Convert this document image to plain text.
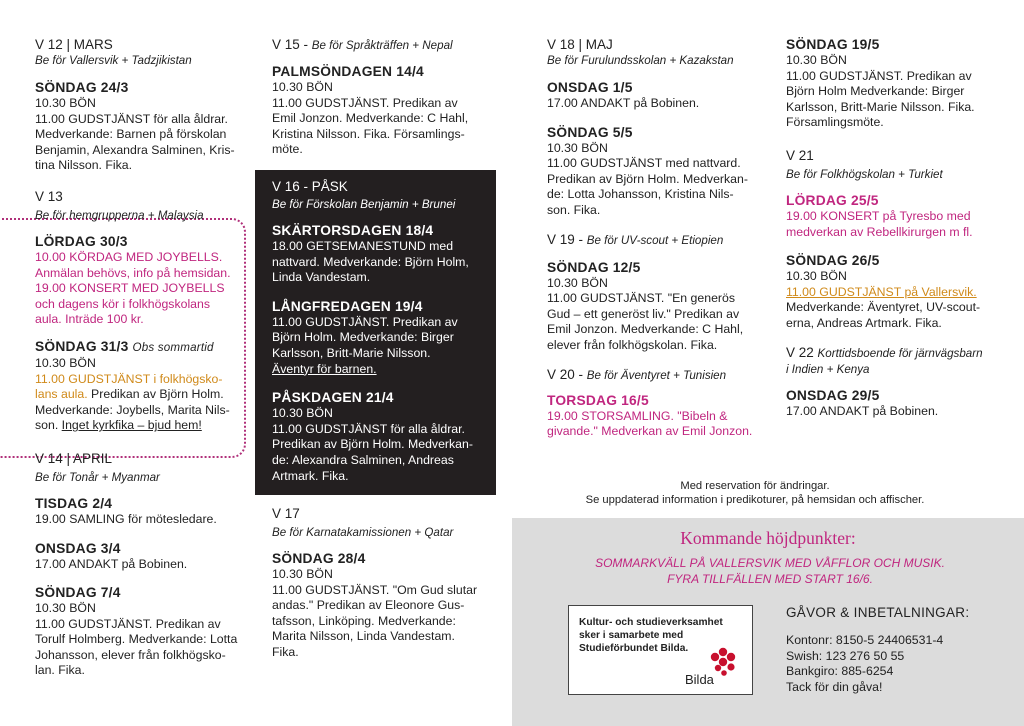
V 12 | MARS

Be för Vallersvik + Tadzjikistan

SÖNDAG 24/3

10.30 BÖN

11.00 GUDSTJÄNST för alla åldrar.

Medverkande: Barnen på förskolan

Benjamin, Alexandra Salminen, Kris-

tina Nilsson. Fika.

V 13

Be för hemgrupperna + Malaysia

LÖRDAG 30/3

10.00 KÖRDAG MED JOYBELLS.

Anmälan behövs, info på hemsidan.

19.00 KONSERT MED JOYBELLS

och dagens kör i folkhögskolans

aula. Inträde 100 kr.

SÖNDAG 31/3 Obs sommartid

10.30 BÖN

11.00 GUDSTJÄNST i folkhögsko-

lans aula. Predikan av Björn Holm.

Medverkande: Joybells, Marita Nils-

son. Inget kyrkfika – bjud hem!

V 14 | APRIL

Be för Tonår + Myanmar

TISDAG 2/4

19.00 SAMLING för mötesledare.

ONSDAG 3/4

17.00 ANDAKT på Bobinen.

SÖNDAG 7/4

10.30 BÖN

11.00 GUDSTJÄNST. Predikan av

Torulf Holmberg. Medverkande: Lotta

Johansson, elever från folkhögsko-

lan. Fika.

V 15 - Be för Språkträffen + Nepal

PALMSÖNDAGEN 14/4

10.30 BÖN

11.00 GUDSTJÄNST. Predikan av

Emil Jonzon. Medverkande: C Hahl,

Kristina Nilsson. Fika. Församlings-

möte.

V 16 - PÅSK

Be för Förskolan Benjamin + Brunei

SKÄRTORSDAGEN 18/4

18.00 GETSEMANESTUND med

nattvard. Medverkande: Björn Holm,

Linda Vandestam.

LÅNGFREDAGEN 19/4

11.00 GUDSTJÄNST. Predikan av

Björn Holm. Medverkande: Birger

Karlsson, Britt-Marie Nilsson.

Äventyr för barnen.

PÅSKDAGEN 21/4

10.30 BÖN

11.00 GUDSTJÄNST för alla åldrar.

Predikan av Björn Holm. Medverkan-

de: Alexandra Salminen, Andreas

Artmark. Fika.

V 17

Be för Karnatakamissionen + Qatar

SÖNDAG 28/4

10.30 BÖN

11.00 GUDSTJÄNST. "Om Gud slutar

andas." Predikan av Eleonore Gus-

tafsson, Linköping. Medverkande:

Marita Nilsson, Linda Vandestam.

Fika.

V 18 | MAJ

Be för Furulundsskolan + Kazakstan

ONSDAG 1/5

17.00 ANDAKT på Bobinen.

SÖNDAG 5/5

10.30 BÖN

11.00 GUDSTJÄNST med nattvard.

Predikan av Björn Holm. Medverkan-

de: Lotta Johansson, Kristina Nils-

son. Fika.

V 19 - Be för UV-scout + Etiopien

SÖNDAG 12/5

10.30 BÖN

11.00 GUDSTJÄNST. "En generös

Gud – ett generöst liv." Predikan av

Emil Jonzon. Medverkande: C Hahl,

elever från folkhögskolan. Fika.

V 20 - Be för Äventyret + Tunisien

TORSDAG 16/5

19.00 STORSAMLING. "Bibeln &

givande." Medverkan av Emil Jonzon.

SÖNDAG 19/5

10.30 BÖN

11.00 GUDSTJÄNST. Predikan av

Björn Holm Medverkande: Birger

Karlsson, Britt-Marie Nilsson. Fika.

Församlingsmöte.

V 21

Be för Folkhögskolan + Turkiet

LÖRDAG 25/5

19.00 KONSERT på Tyresbo med

medverkan av Rebellkirurgen m fl.

SÖNDAG 26/5

10.30 BÖN

11.00 GUDSTJÄNST på Vallersvik.

Medverkande: Äventyret, UV-scout-

erna, Andreas Artmark. Fika.

V 22 Korttidsboende för järnvägsbarn

i Indien + Kenya

ONSDAG 29/5

17.00 ANDAKT på Bobinen.

Med reservation för ändringar.
Se uppdaterad information i predikoturer, på hemsidan och affischer.
Kommande höjdpunkter:
SOMMARKVÄLL PÅ VALLERSVIK MED VÅFFLOR OCH MUSIK.
FYRA TILLFÄLLEN MED START 16/6.
Kultur- och studieverksamhet
sker i samarbete med
Studieförbundet Bilda.
Bilda

GÅVOR & INBETALNINGAR:

Kontonr: 8150-5 24406531-4

Swish: 123 276 50 55

Bankgiro: 885-6254

Tack för din gåva!
